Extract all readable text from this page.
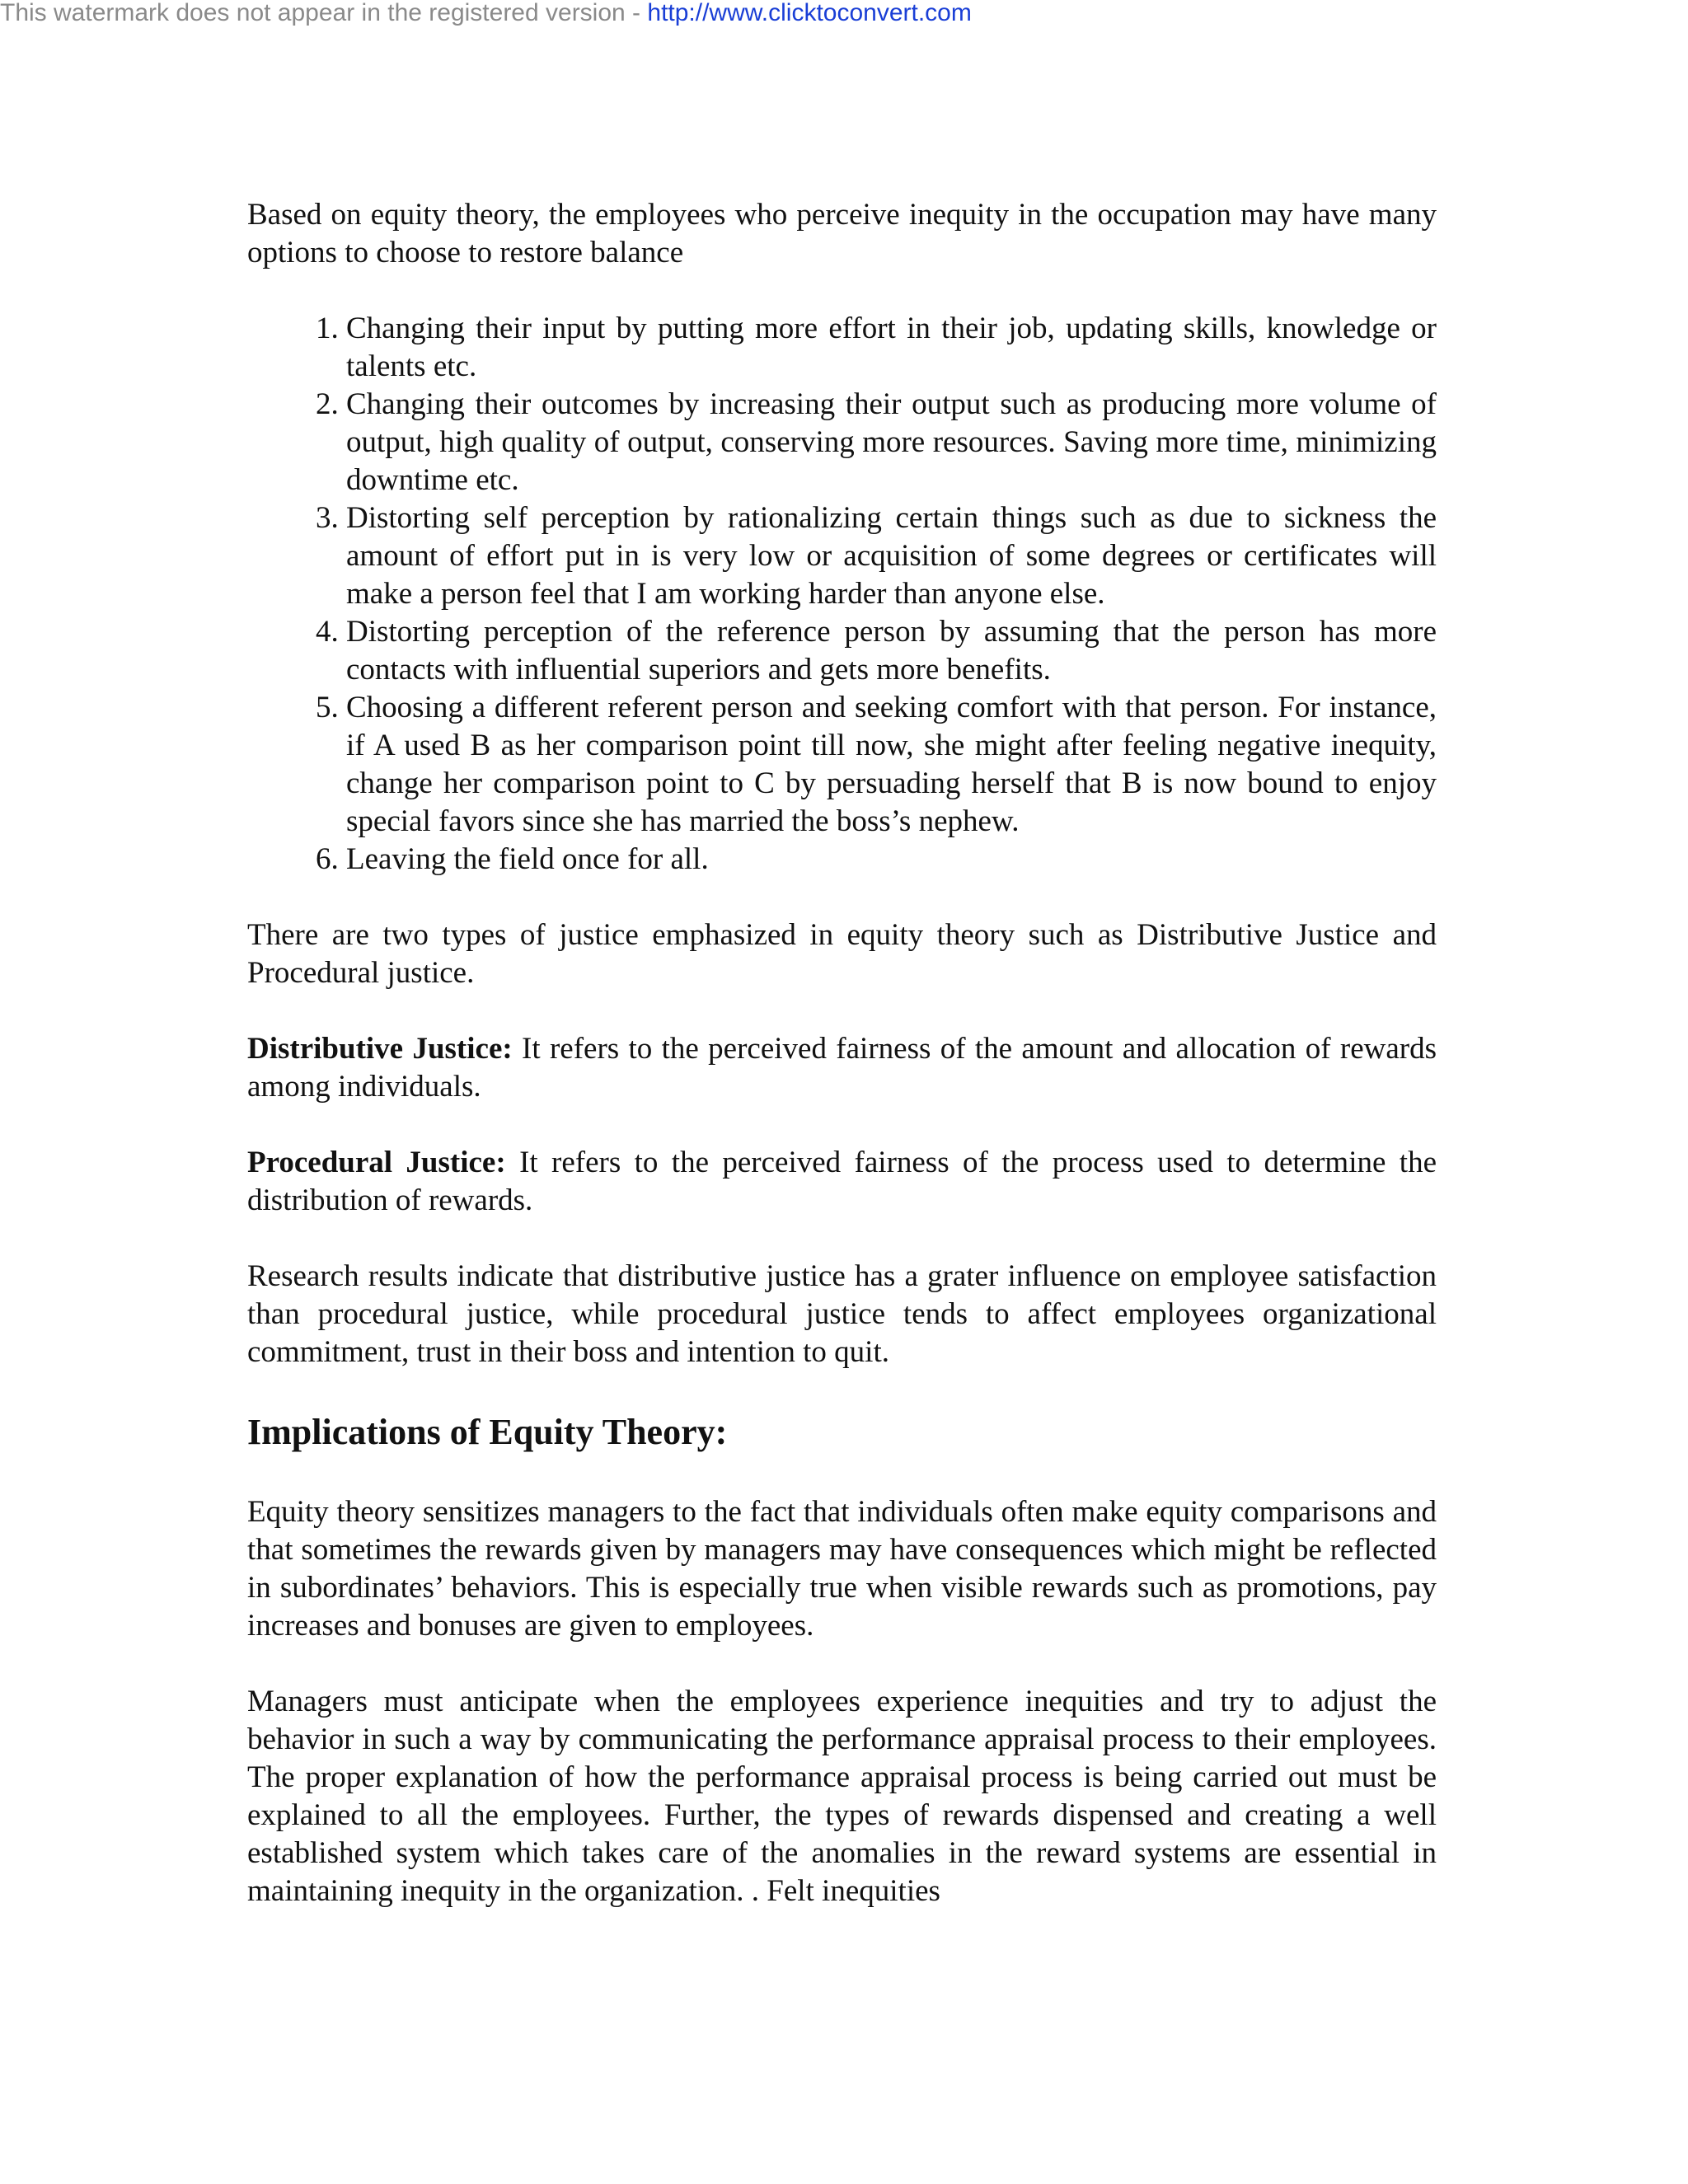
This watermark does not appear in the registered version - http://www.clicktoconvert.com

Based on equity theory, the employees who perceive inequity in the occupation may have many options to choose to restore balance

1. Changing their input by putting more effort in their job, updating skills, knowledge or talents etc.
2. Changing their outcomes by increasing their output such as producing more volume of output, high quality of output, conserving more resources. Saving more time, minimizing downtime etc.
3. Distorting self perception by rationalizing certain things such as due to sickness the amount of effort put in is very low or acquisition of some degrees or certificates will make a person feel that I am working harder than anyone else.
4. Distorting perception of the reference person by assuming that the person has more contacts with influential superiors and gets more benefits.
5. Choosing a different referent person and seeking comfort with that person. For instance, if A used B as her comparison point till now, she might after feeling negative inequity, change her comparison point to C by persuading herself that B is now bound to enjoy special favors since she has married the boss’s nephew.
6. Leaving the field once for all.

There are two types of justice emphasized in equity theory such as Distributive Justice and Procedural justice.

Distributive Justice: It refers to the perceived fairness of the amount and allocation of rewards among individuals.

Procedural Justice: It refers to the perceived fairness of the process used to determine the distribution of rewards.

Research results indicate that distributive justice has a grater influence on employee satisfaction than procedural justice, while procedural justice tends to affect employees organizational commitment, trust in their boss and intention to quit.

Implications of Equity Theory:

Equity theory sensitizes managers to the fact that individuals often make equity comparisons and that sometimes the rewards given by managers may have consequences which might be reflected in subordinates’ behaviors. This is especially true when visible rewards such as promotions, pay increases and bonuses are given to employees.

Managers must anticipate when the employees experience inequities and try to adjust the behavior in such a way by communicating the performance appraisal process to their employees. The proper explanation of how the performance appraisal process is being carried out must be explained to all the employees. Further, the types of rewards dispensed and creating a well established system which takes care of the anomalies in the reward systems are essential in maintaining inequity in the organization. . Felt inequities
